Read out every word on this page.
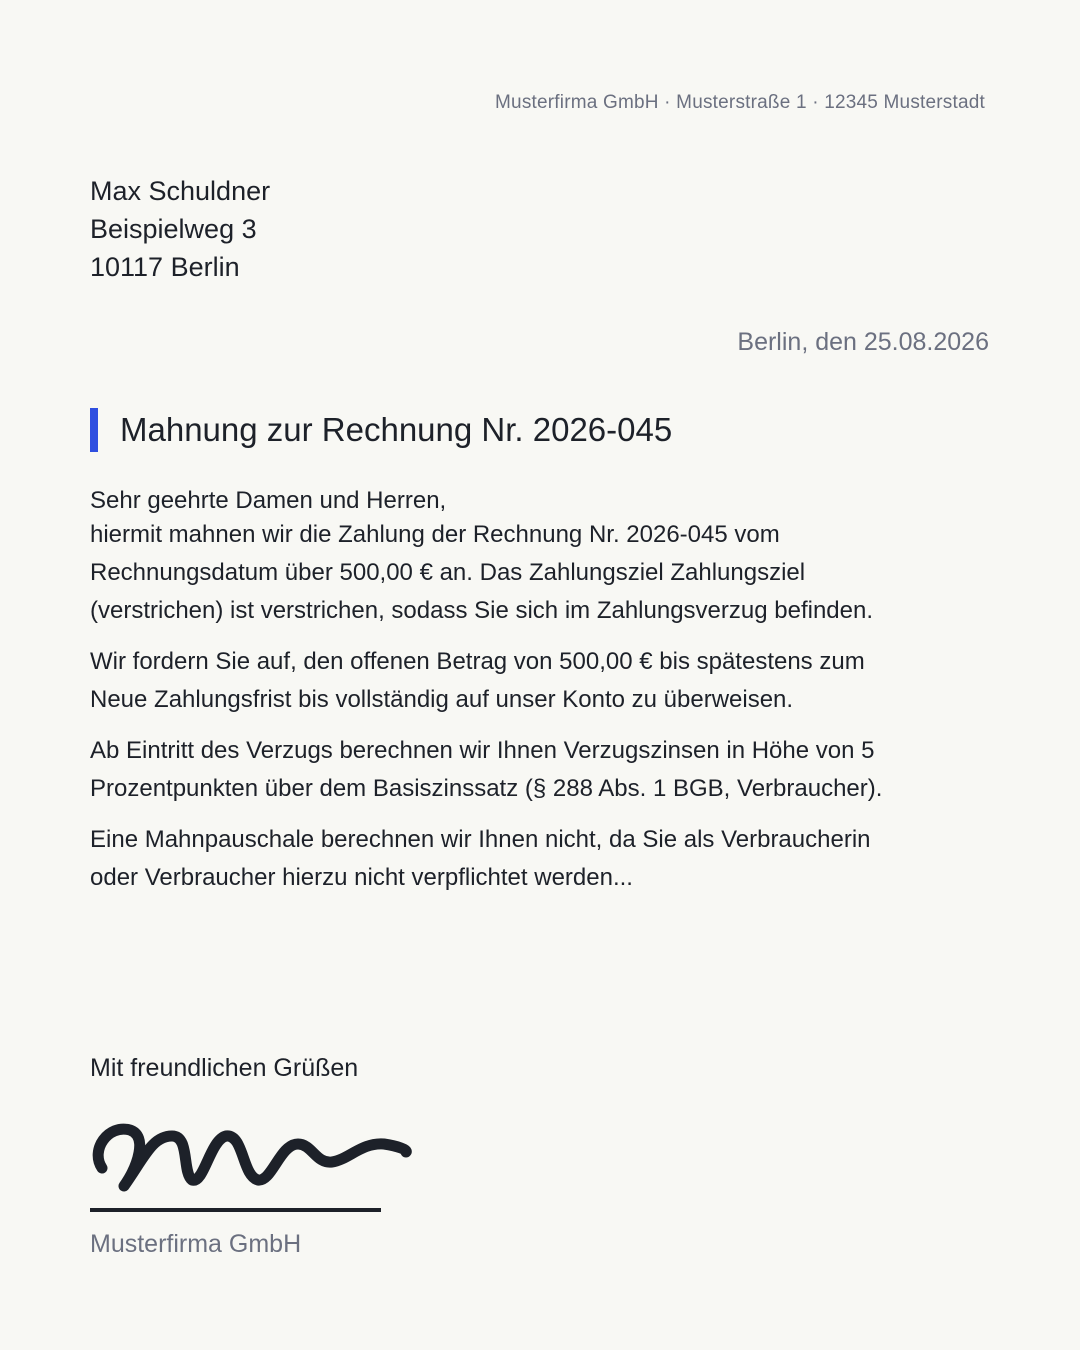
Musterfirma GmbH · Musterstraße 1 · 12345 Musterstadt
Max Schuldner
Beispielweg 3
10117 Berlin
Berlin, den 25.08.2026
Mahnung zur Rechnung Nr. 2026-045
Sehr geehrte Damen und Herren,

hiermit mahnen wir die Zahlung der Rechnung Nr. 2026-045 vom Rechnungsdatum über 500,00 € an. Das Zahlungsziel Zahlungsziel (verstrichen) ist verstrichen, sodass Sie sich im Zahlungsverzug befinden.

Wir fordern Sie auf, den offenen Betrag von 500,00 € bis spätestens zum Neue Zahlungsfrist bis vollständig auf unser Konto zu überweisen.

Ab Eintritt des Verzugs berechnen wir Ihnen Verzugszinsen in Höhe von 5 Prozentpunkten über dem Basiszinssatz (§ 288 Abs. 1 BGB, Verbraucher).

Eine Mahnpauschale berechnen wir Ihnen nicht, da Sie als Verbraucherin oder Verbraucher hierzu nicht verpflichtet werden...

Mit freundlichen Grüßen
Musterfirma GmbH
